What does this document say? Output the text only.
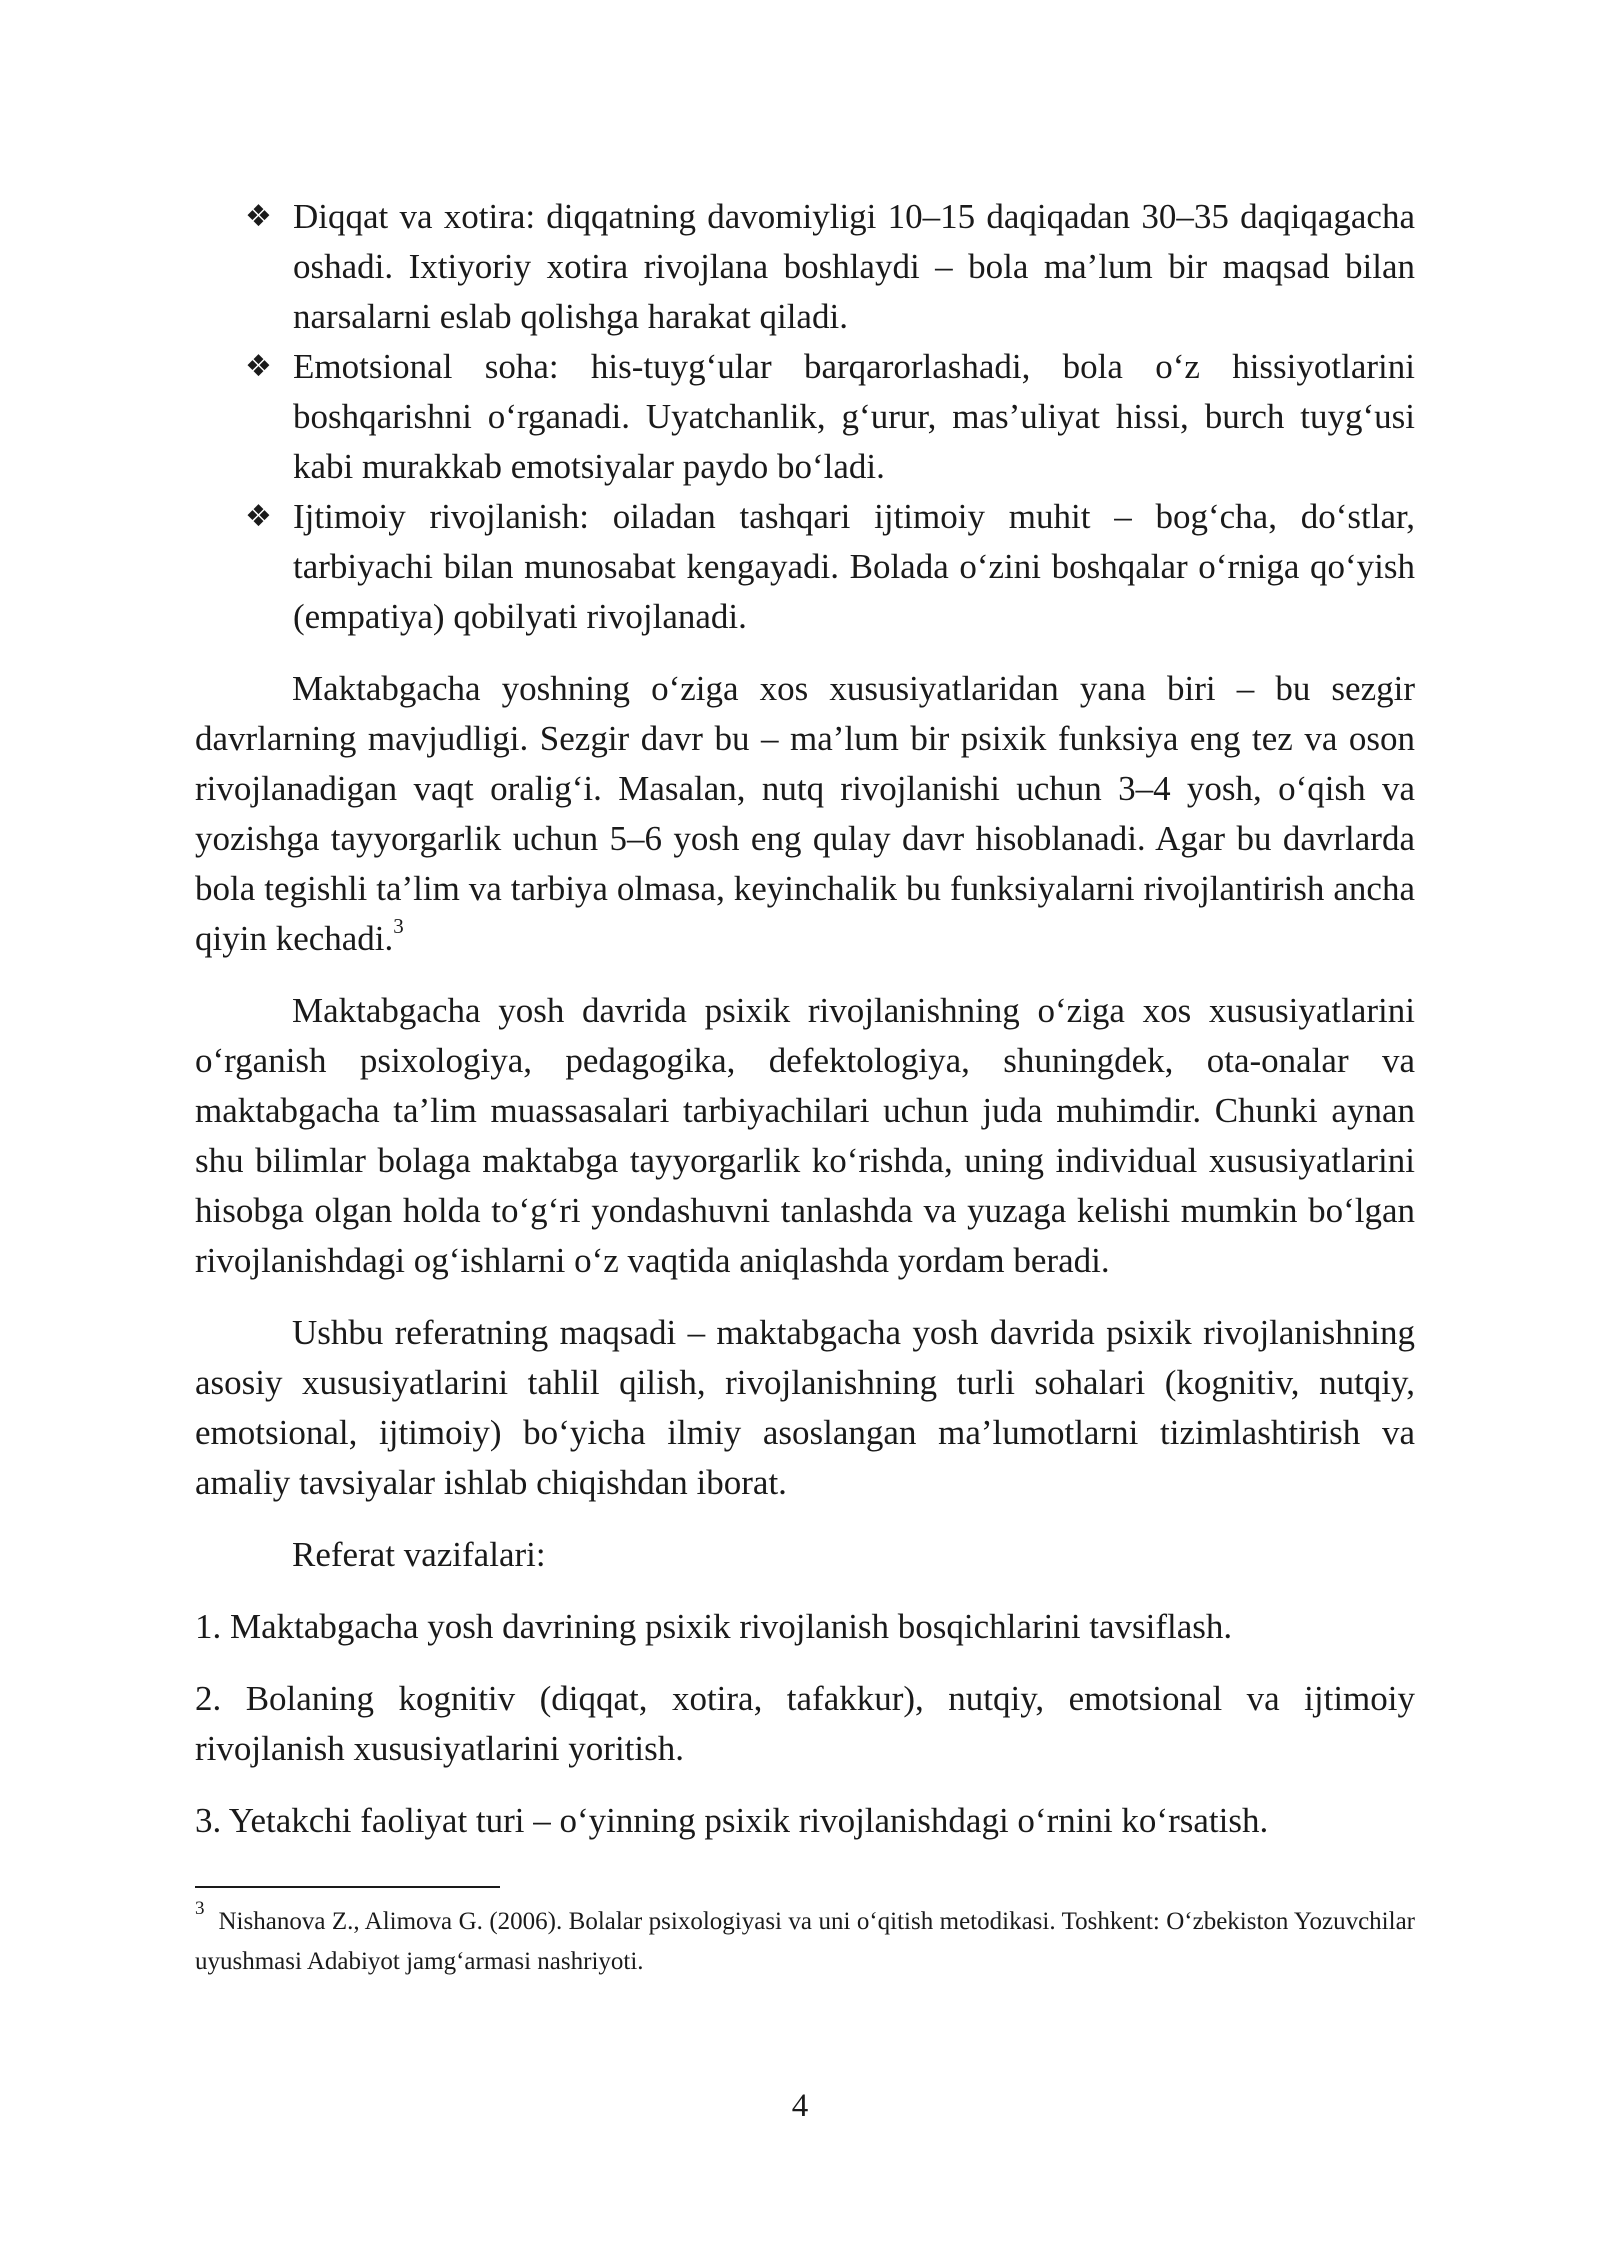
❖ Diqqat va xotira: diqqatning davomiyligi 10–15 daqiqadan 30–35 daqiqagacha oshadi. Ixtiyoriy xotira rivojlana boshlaydi – bola ma’lum bir maqsad bilan narsalarni eslab qolishga harakat qiladi.
❖ Emotsional soha: his-tuyg‘ular barqarorlashadi, bola o‘z hissiyotlarini boshqarishni o‘rganadi. Uyatchanlik, g‘urur, mas’uliyat hissi, burch tuyg‘usi kabi murakkab emotsiyalar paydo bo‘ladi.
❖ Ijtimoiy rivojlanish: oiladan tashqari ijtimoiy muhit – bog‘cha, do‘stlar, tarbiyachi bilan munosabat kengayadi. Bolada o‘zini boshqalar o‘rniga qo‘yish (empatiya) qobilyati rivojlanadi.

Maktabgacha yoshning o‘ziga xos xususiyatlaridan yana biri – bu sezgir davrlarning mavjudligi. Sezgir davr bu – ma’lum bir psixik funksiya eng tez va oson rivojlanadigan vaqt oralig‘i. Masalan, nutq rivojlanishi uchun 3–4 yosh, o‘qish va yozishga tayyorgarlik uchun 5–6 yosh eng qulay davr hisoblanadi. Agar bu davrlarda bola tegishli ta’lim va tarbiya olmasa, keyinchalik bu funksiyalarni rivojlantirish ancha qiyin kechadi.$^3$

Maktabgacha yosh davrida psixik rivojlanishning o‘ziga xos xususiyatlarini o‘rganish psixologiya, pedagogika, defektologiya, shuningdek, ota-onalar va maktabgacha ta’lim muassasalari tarbiyachilari uchun juda muhimdir. Chunki aynan shu bilimlar bolaga maktabga tayyorgarlik ko‘rishda, uning individual xususiyatlarini hisobga olgan holda to‘g‘ri yondashuvni tanlashda va yuzaga kelishi mumkin bo‘lgan rivojlanishdagi og‘ishlarni o‘z vaqtida aniqlashda yordam beradi.

Ushbu referatning maqsadi – maktabgacha yosh davrida psixik rivojlanishning asosiy xususiyatlarini tahlil qilish, rivojlanishning turli sohalari (kognitiv, nutqiy, emotsional, ijtimoiy) bo‘yicha ilmiy asoslangan ma’lumotlarni tizimlashtirish va amaliy tavsiyalar ishlab chiqishdan iborat.

Referat vazifalari:

1. Maktabgacha yosh davrining psixik rivojlanish bosqichlarini tavsiflash.

2. Bolaning kognitiv (diqqat, xotira, tafakkur), nutqiy, emotsional va ijtimoiy rivojlanish xususiyatlarini yoritish.

3. Yetakchi faoliyat turi – o‘yinning psixik rivojlanishdagi o‘rnini ko‘rsatish.

$^3$ Nishanova Z., Alimova G. (2006). Bolalar psixologiyasi va uni o‘qitish metodikasi. Toshkent: O‘zbekiston Yozuvchilar uyushmasi Adabiyot jamg‘armasi nashriyoti.
4
